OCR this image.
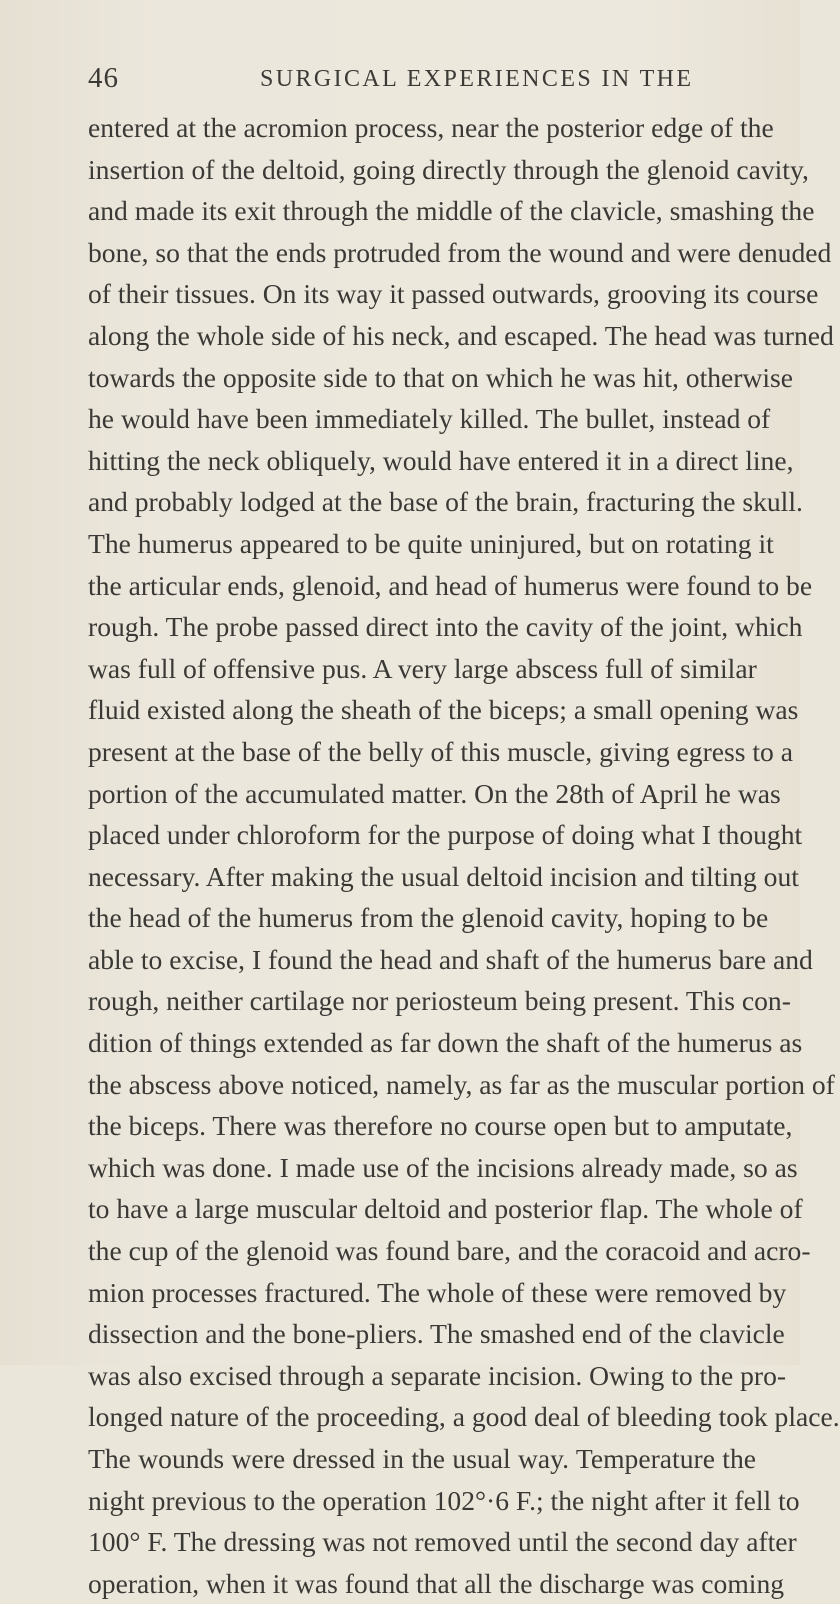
46	SURGICAL EXPERIENCES IN THE
entered at the acromion process, near the posterior edge of the
insertion of the deltoid, going directly through the glenoid cavity,
and made its exit through the middle of the clavicle, smashing the
bone, so that the ends protruded from the wound and were denuded
of their tissues. On its way it passed outwards, grooving its course
along the whole side of his neck, and escaped. The head was turned
towards the opposite side to that on which he was hit, otherwise
he would have been immediately killed. The bullet, instead of
hitting the neck obliquely, would have entered it in a direct line,
and probably lodged at the base of the brain, fracturing the skull.
The humerus appeared to be quite uninjured, but on rotating it
the articular ends, glenoid, and head of humerus were found to be
rough. The probe passed direct into the cavity of the joint, which
was full of offensive pus. A very large abscess full of similar
fluid existed along the sheath of the biceps; a small opening was
present at the base of the belly of this muscle, giving egress to a
portion of the accumulated matter. On the 28th of April he was
placed under chloroform for the purpose of doing what I thought
necessary. After making the usual deltoid incision and tilting out
the head of the humerus from the glenoid cavity, hoping to be
able to excise, I found the head and shaft of the humerus bare and
rough, neither cartilage nor periosteum being present. This con-
dition of things extended as far down the shaft of the humerus as
the abscess above noticed, namely, as far as the muscular portion of
the biceps. There was therefore no course open but to amputate,
which was done. I made use of the incisions already made, so as
to have a large muscular deltoid and posterior flap. The whole of
the cup of the glenoid was found bare, and the coracoid and acro-
mion processes fractured. The whole of these were removed by
dissection and the bone-pliers. The smashed end of the clavicle
was also excised through a separate incision. Owing to the pro-
longed nature of the proceeding, a good deal of bleeding took place.
The wounds were dressed in the usual way. Temperature the
night previous to the operation 102°·6 F.; the night after it fell to
100° F. The dressing was not removed until the second day after
operation, when it was found that all the discharge was coming
